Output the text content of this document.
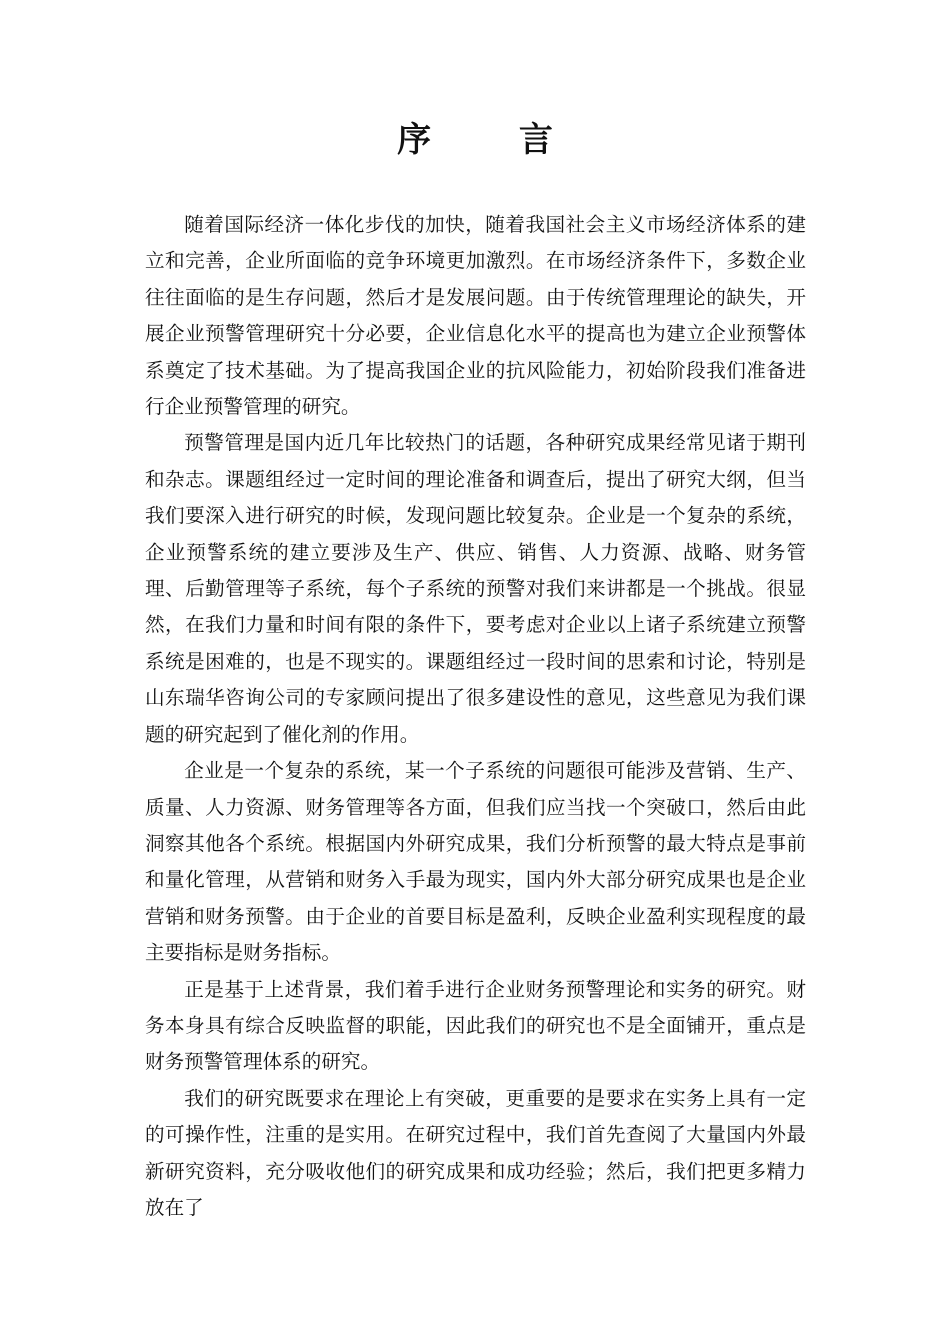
序 言

随着国际经济一体化步伐的加快，随着我国社会主义市场经济体系的建立和完善，企业所面临的竞争环境更加激烈。在市场经济条件下，多数企业往往面临的是生存问题，然后才是发展问题。由于传统管理理论的缺失，开展企业预警管理研究十分必要，企业信息化水平的提高也为建立企业预警体系奠定了技术基础。为了提高我国企业的抗风险能力，初始阶段我们准备进行企业预警管理的研究。

预警管理是国内近几年比较热门的话题，各种研究成果经常见诸于期刊和杂志。课题组经过一定时间的理论准备和调查后，提出了研究大纲，但当我们要深入进行研究的时候，发现问题比较复杂。企业是一个复杂的系统，企业预警系统的建立要涉及生产、供应、销售、人力资源、战略、财务管理、后勤管理等子系统，每个子系统的预警对我们来讲都是一个挑战。很显然，在我们力量和时间有限的条件下，要考虑对企业以上诸子系统建立预警系统是困难的，也是不现实的。课题组经过一段时间的思索和讨论，特别是山东瑞华咨询公司的专家顾问提出了很多建设性的意见，这些意见为我们课题的研究起到了催化剂的作用。

企业是一个复杂的系统，某一个子系统的问题很可能涉及营销、生产、质量、人力资源、财务管理等各方面，但我们应当找一个突破口，然后由此洞察其他各个系统。根据国内外研究成果，我们分析预警的最大特点是事前和量化管理，从营销和财务入手最为现实，国内外大部分研究成果也是企业营销和财务预警。由于企业的首要目标是盈利，反映企业盈利实现程度的最主要指标是财务指标。

正是基于上述背景，我们着手进行企业财务预警理论和实务的研究。财务本身具有综合反映监督的职能，因此我们的研究也不是全面铺开，重点是财务预警管理体系的研究。

我们的研究既要求在理论上有突破，更重要的是要求在实务上具有一定的可操作性，注重的是实用。在研究过程中，我们首先查阅了大量国内外最新研究资料，充分吸收他们的研究成果和成功经验；然后，我们把更多精力放在了
